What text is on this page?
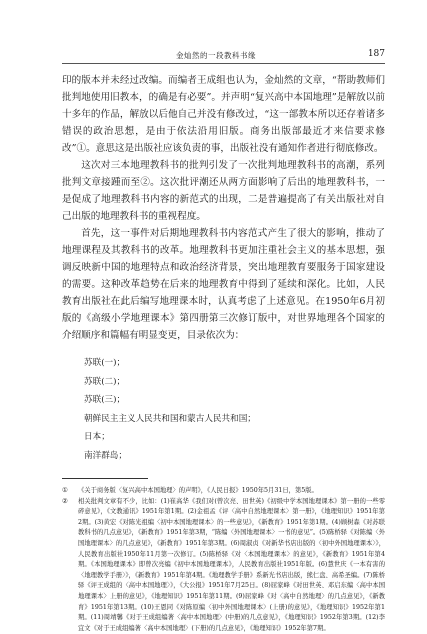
金灿然的一段教科书缘	187

印的版本并未经过改编。而编者王成组也认为，金灿然的文章，“帮助教师们批判地使用旧教本，的确是有必要”。并声明“复兴高中本国地理”是解放以前十多年的作品，解放以后他自己并没有修改过，“这一部教本所以还存着诸多错误的政治思想，是由于依法沿用旧版。商务出版部最近才来信要求修改”①。意思这是出版社应该负责的事，出版社没有通知作者进行彻底修改。

这次对三本地理教科书的批判引发了一次批判地理教科书的高潮，系列批判文章接踵而至②。这次批评潮还从两方面影响了后出的地理教科书，一是促成了地理教科书内容的新范式的出现，二是普遍提高了有关出版社对自己出版的地理教科书的重视程度。

首先，这一事件对后期地理教科书内容范式产生了很大的影响，推动了地理课程及其教科书的改革。地理教科书更加注重社会主义的基本思想，强调反映新中国的地理特点和政治经济背景，突出地理教育要服务于国家建设的需要。这种改革趋势在后来的地理教育中得到了延续和深化。比如，人民教育出版社在此后编写地理课本时，认真考虑了上述意见。在1950年6月初版的《高级小学地理课本》第四册第三次修订版中，对世界地理各个国家的介绍顺序和篇幅有明显变更，目录依次为：

苏联(一)；
苏联(二)；
苏联(三)；
朝鲜民主主义人民共和国和蒙古人民共和国；
日本；
南洋群岛；
①	《关于商务版〈复兴高中本国地理〉的声明》，《人民日报》1950年5月31日，第5版。
②	相关批判文章有不少，比如：(1)崔高华《我们对(曾次亮、田世英)《初级中学本国地理课本》第一册的一些零碎意见》，《文教通讯》1951年第1期。(2)金祖孟《评〈高中自然地理课本〉第一册》，《地理知识》1951年第2期。(3)黄宏《对陈光祖编〈初中本国地理课本〉的一些意见》，《新教育》1951年第1期。(4)顾树森《对苏联教科书的几点意见》，《新教育》1951年第3期，“陈编〈外国地理课本〉一书的意见”。(5)陈桥驿《对陈编〈外国地理课本〉的几点意见》，《新教育》1951年第3期。(6)周淑贞《对新华书店出版的〈初中外国地理课本〉》，人民教育出版社1950年11月第一次修订。(5)陈桥驿《对〈本国地理课本〉的意见》，《新教育》1951年第4期。《本国地理课本》即曾次亮编《初中本国地理课本》，人民教育出版社1951年版。(6)慧世庆《一本有害的〈地理教学手册〉》，《新教育》1951年第4期。《地理教学手册》系新光书店出版，熊仁盘、高希圣编。(7)陈桥驿《评王成组的〈高中本国地理〉》，《大公报》1951年7月25日。(8)屈家峰《对田世英、邓启东编〈高中本国地理课本〉上册的意见》，《地理知识》1951年第11期。(9)屈家峰《对〈高中自然地理〉的几点意见》，《新教育》1951年第13期。(10)王恩同《对陈原编〈初中外国地理课本〉(上册)的意见》，《地理知识》1952年第1期。(11)周靖馨《对于王成组编著〈高中本国地理〉(中册)的几点意见》，《地理知识》1952年第3期。(12)李宜文《对于王成组编著〈高中本国地理〉(下册)的几点意见》，《地理知识》1952年第7期。
